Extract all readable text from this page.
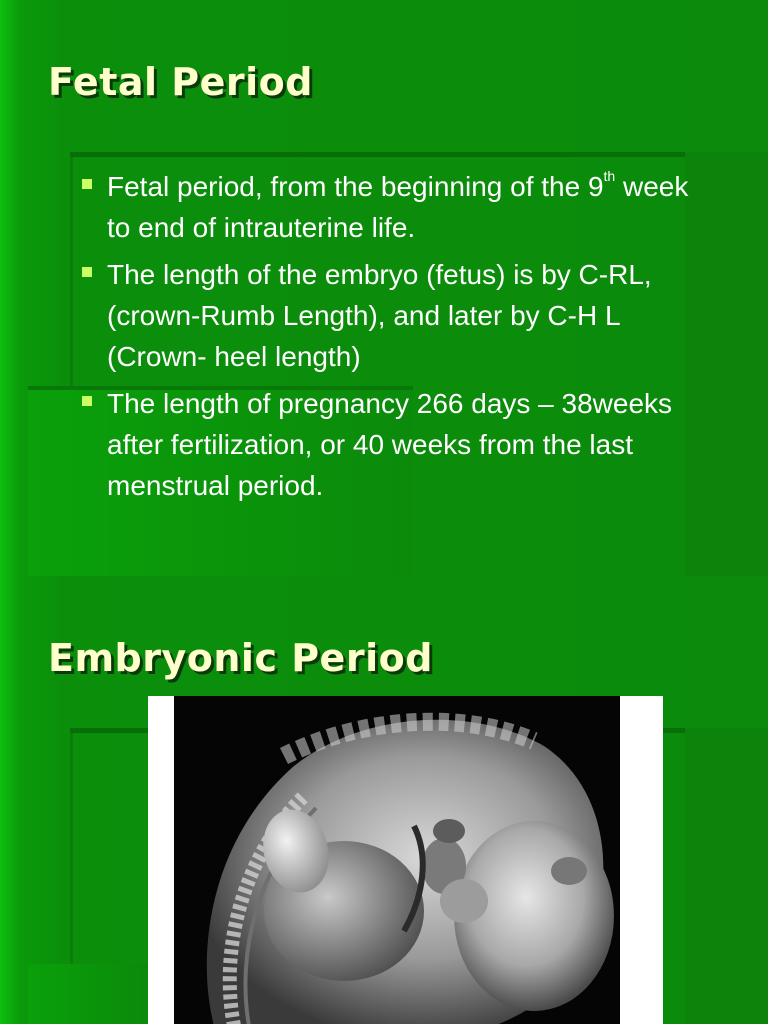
Fetal Period
Fetal period, from the beginning of the 9th week to end of intrauterine life.
The length of the embryo (fetus) is by C-RL, (crown-Rumb Length), and later by C-H L (Crown- heel length)
The length of pregnancy 266 days – 38weeks after fertilization, or 40 weeks from the last menstrual period.
Embryonic Period
